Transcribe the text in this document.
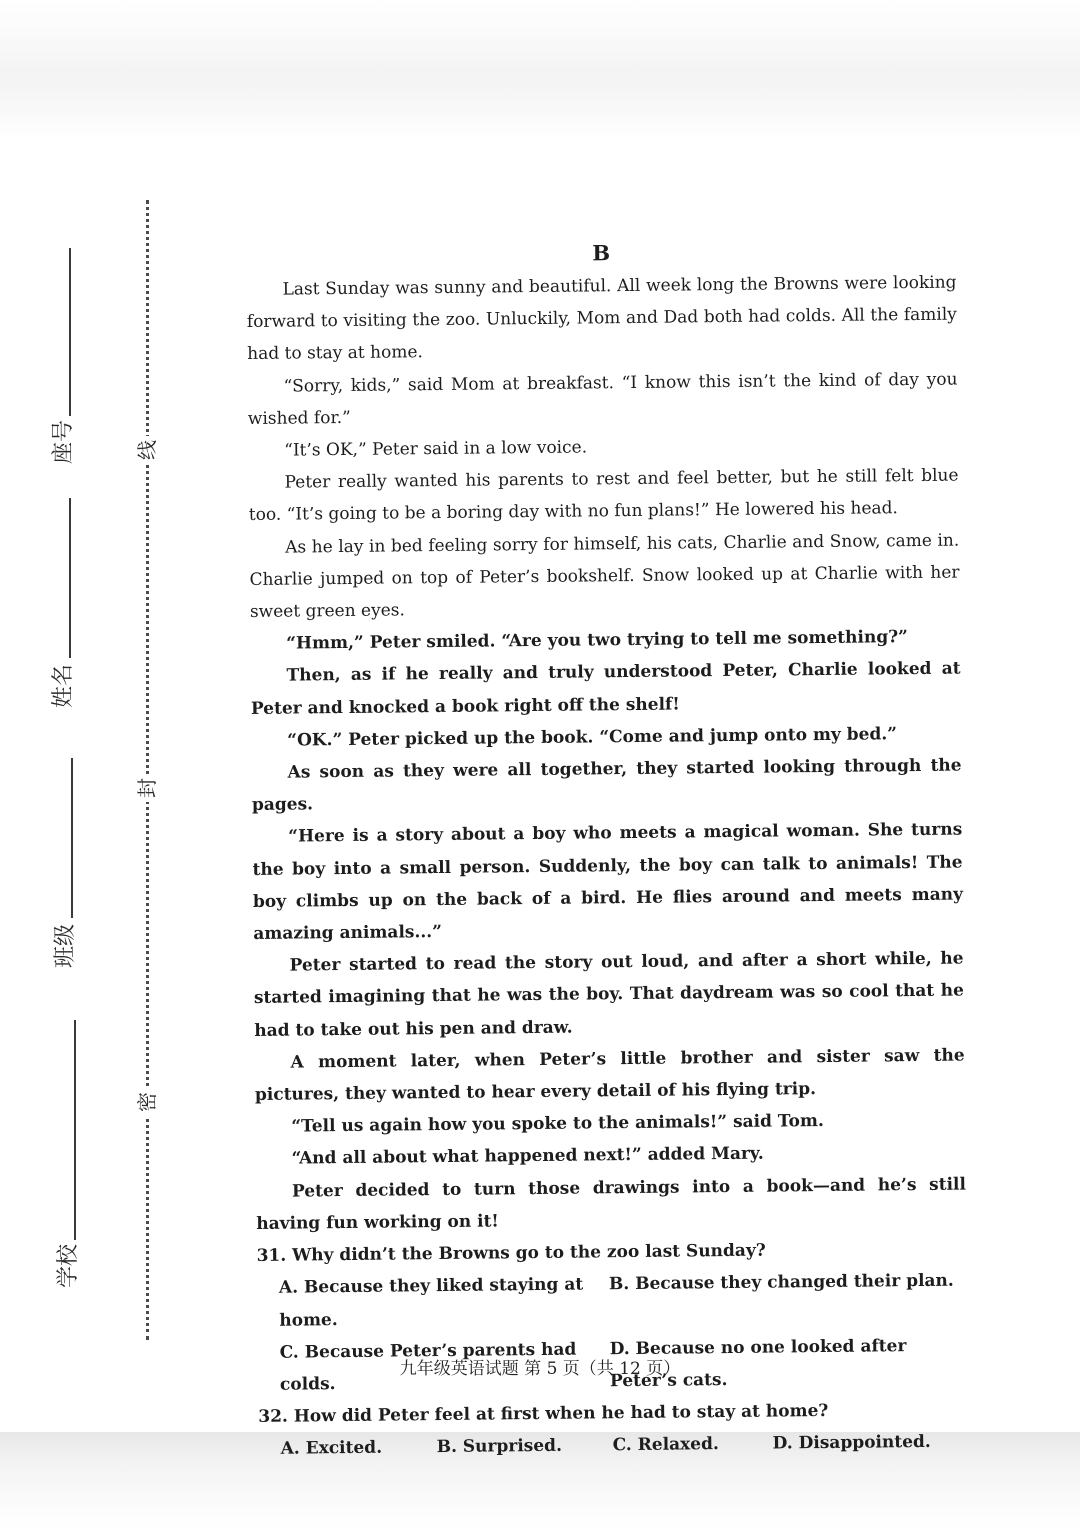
座号
姓名
班级
学校
线
封
密
B

Last Sunday was sunny and beautiful. All week long the Browns were looking forward to visiting the zoo. Unluckily, Mom and Dad both had colds. All the family had to stay at home.

“Sorry, kids,” said Mom at breakfast. “I know this isn’t the kind of day you wished for.”

“It’s OK,” Peter said in a low voice.

Peter really wanted his parents to rest and feel better, but he still felt blue too. “It’s going to be a boring day with no fun plans!” He lowered his head.

As he lay in bed feeling sorry for himself, his cats, Charlie and Snow, came in. Charlie jumped on top of Peter’s bookshelf. Snow looked up at Charlie with her sweet green eyes.

“Hmm,” Peter smiled. “Are you two trying to tell me something?”

Then, as if he really and truly understood Peter, Charlie looked at Peter and knocked a book right off the shelf!

“OK.” Peter picked up the book. “Come and jump onto my bed.”

As soon as they were all together, they started looking through the pages.

“Here is a story about a boy who meets a magical woman. She turns the boy into a small person. Suddenly, the boy can talk to animals! The boy climbs up on the back of a bird. He flies around and meets many amazing animals...”

Peter started to read the story out loud, and after a short while, he started imagining that he was the boy. That daydream was so cool that he had to take out his pen and draw.

A moment later, when Peter’s little brother and sister saw the pictures, they wanted to hear every detail of his flying trip.

“Tell us again how you spoke to the animals!” said Tom.

“And all about what happened next!” added Mary.

Peter decided to turn those drawings into a book—and he’s still having fun working on it!

31. Why didn’t the Browns go to the zoo last Sunday?
A. Because they liked staying at home.
B. Because they changed their plan.
C. Because Peter’s parents had colds.
D. Because no one looked after Peter’s cats.
32. How did Peter feel at first when he had to stay at home?
A. Excited.	B. Surprised.	C. Relaxed.	D. Disappointed.
九年级英语试题 第 5 页（共 12 页）
